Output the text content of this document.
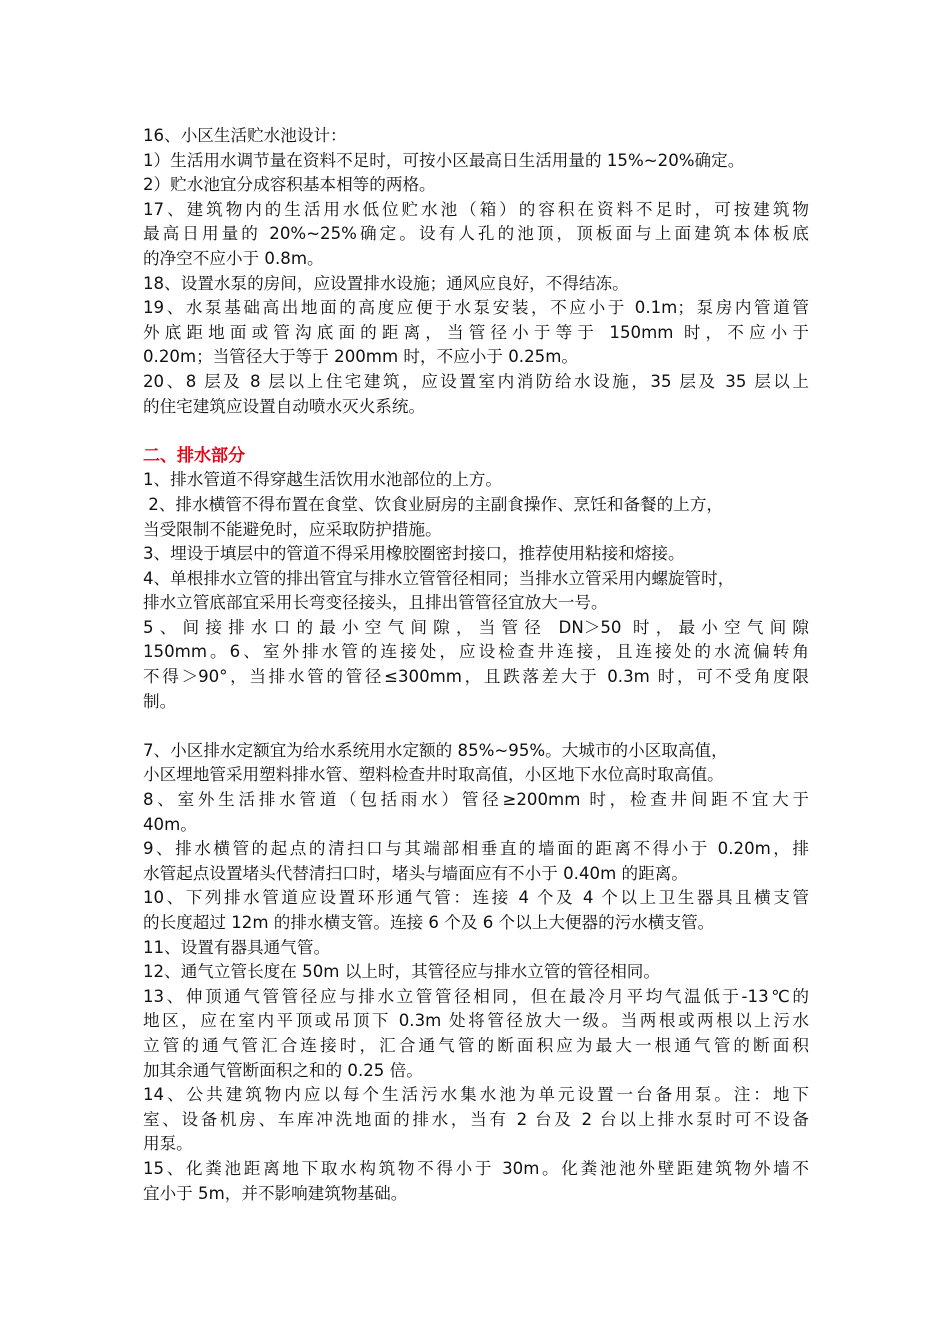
16、小区生活贮水池设计：
1）生活用水调节量在资料不足时，可按小区最高日生活用量的 15%~20%确定。
2）贮水池宜分成容积基本相等的两格。
17、建筑物内的生活用水低位贮水池（箱）的容积在资料不足时，可按建筑物
最高日用量的 20%~25%确定。设有人孔的池顶，顶板面与上面建筑本体板底
的净空不应小于 0.8m。
18、设置水泵的房间，应设置排水设施；通风应良好，不得结冻。
19、水泵基础高出地面的高度应便于水泵安装，不应小于 0.1m；泵房内管道管
外底距地面或管沟底面的距离，当管径小于等于 150mm 时，不应小于
0.20m；当管径大于等于 200mm 时，不应小于 0.25m。
20、8 层及 8 层以上住宅建筑，应设置室内消防给水设施，35 层及 35 层以上
的住宅建筑应设置自动喷水灭火系统。
二、排水部分
1、排水管道不得穿越生活饮用水池部位的上方。
2、排水横管不得布置在食堂、饮食业厨房的主副食操作、烹饪和备餐的上方，
当受限制不能避免时，应采取防护措施。
3、埋设于填层中的管道不得采用橡胶圈密封接口，推荐使用粘接和熔接。
4、单根排水立管的排出管宜与排水立管管径相同；当排水立管采用内螺旋管时，
排水立管底部宜采用长弯变径接头，且排出管管径宜放大一号。
5、间接排水口的最小空气间隙，当管径 DN＞50 时，最小空气间隙
150mm。6、室外排水管的连接处，应设检查井连接，且连接处的水流偏转角
不得＞90°，当排水管的管径≤300mm，且跌落差大于 0.3m 时，可不受角度限
制。
7、小区排水定额宜为给水系统用水定额的 85%~95%。大城市的小区取高值，
小区埋地管采用塑料排水管、塑料检查井时取高值，小区地下水位高时取高值。
8、室外生活排水管道（包括雨水）管径≥200mm 时，检查井间距不宜大于
40m。
9、排水横管的起点的清扫口与其端部相垂直的墙面的距离不得小于 0.20m，排
水管起点设置堵头代替清扫口时，堵头与墙面应有不小于 0.40m 的距离。
10、下列排水管道应设置环形通气管：连接 4 个及 4 个以上卫生器具且横支管
的长度超过 12m 的排水横支管。连接 6 个及 6 个以上大便器的污水横支管。
11、设置有器具通气管。
12、通气立管长度在 50m 以上时，其管径应与排水立管的管径相同。
13、伸顶通气管管径应与排水立管管径相同，但在最冷月平均气温低于-13℃的
地区，应在室内平顶或吊顶下 0.3m 处将管径放大一级。当两根或两根以上污水
立管的通气管汇合连接时，汇合通气管的断面积应为最大一根通气管的断面积
加其余通气管断面积之和的 0.25 倍。
14、公共建筑物内应以每个生活污水集水池为单元设置一台备用泵。注：地下
室、设备机房、车库冲洗地面的排水，当有 2 台及 2 台以上排水泵时可不设备
用泵。
15、化粪池距离地下取水构筑物不得小于 30m。化粪池池外壁距建筑物外墙不
宜小于 5m，并不影响建筑物基础。
